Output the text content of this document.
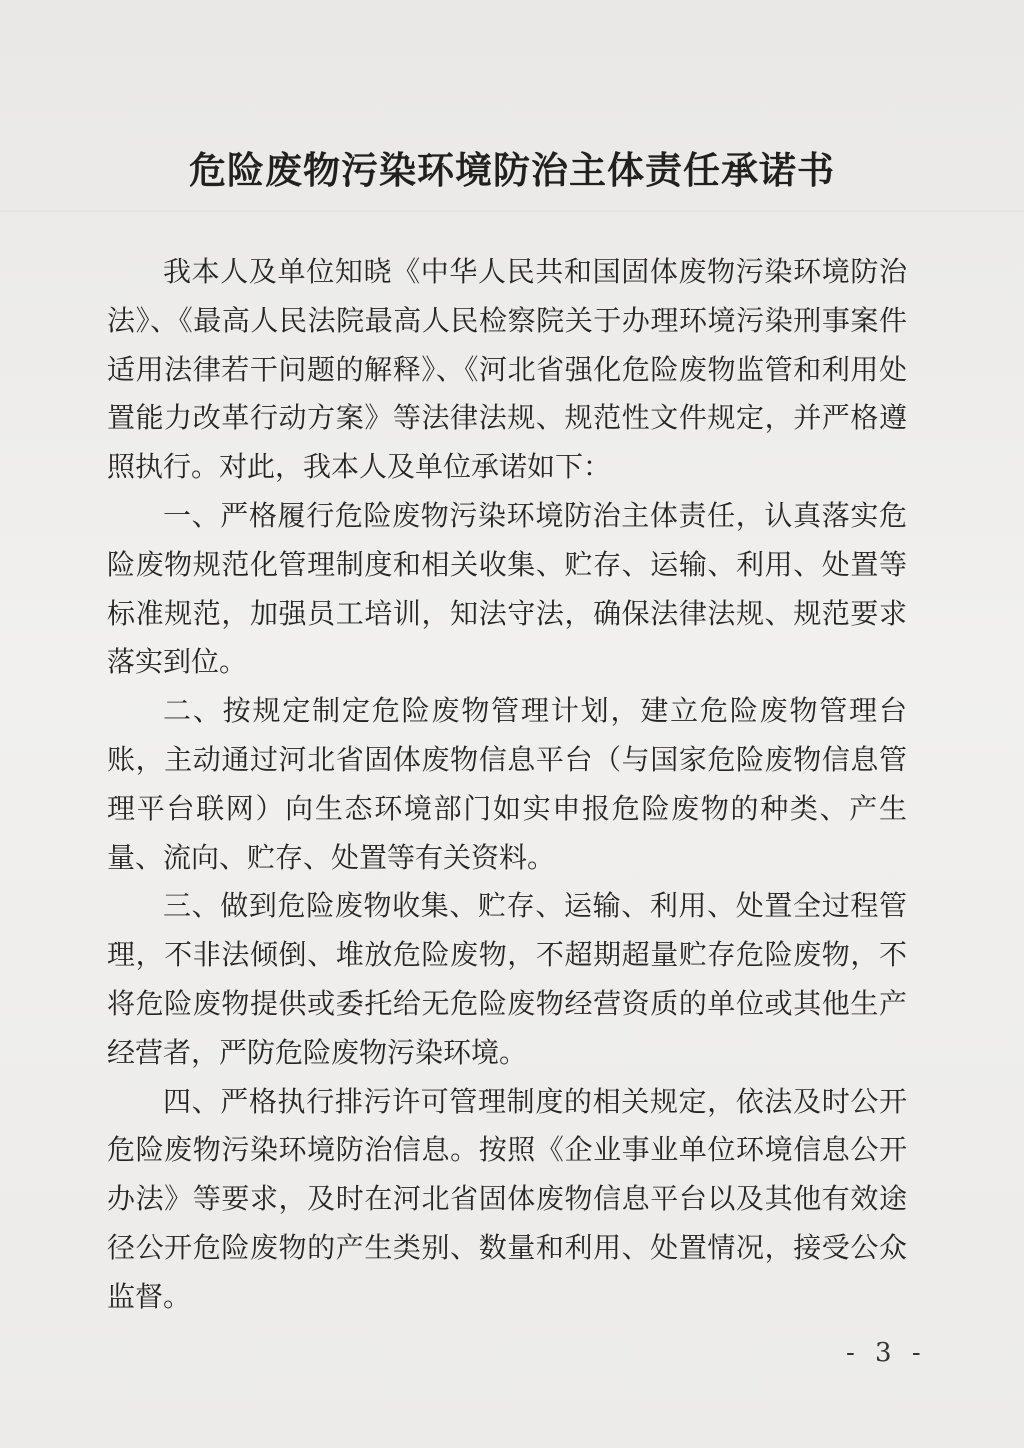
危险废物污染环境防治主体责任承诺书

我本人及单位知晓《中华人民共和国固体废物污染环境防治法》、《最高人民法院最高人民检察院关于办理环境污染刑事案件适用法律若干问题的解释》、《河北省强化危险废物监管和利用处置能力改革行动方案》等法律法规、规范性文件规定，并严格遵照执行。对此，我本人及单位承诺如下：

一、严格履行危险废物污染环境防治主体责任，认真落实危险废物规范化管理制度和相关收集、贮存、运输、利用、处置等标准规范，加强员工培训，知法守法，确保法律法规、规范要求落实到位。

二、按规定制定危险废物管理计划，建立危险废物管理台账，主动通过河北省固体废物信息平台（与国家危险废物信息管理平台联网）向生态环境部门如实申报危险废物的种类、产生量、流向、贮存、处置等有关资料。

三、做到危险废物收集、贮存、运输、利用、处置全过程管理，不非法倾倒、堆放危险废物，不超期超量贮存危险废物，不将危险废物提供或委托给无危险废物经营资质的单位或其他生产经营者，严防危险废物污染环境。

四、严格执行排污许可管理制度的相关规定，依法及时公开危险废物污染环境防治信息。按照《企业事业单位环境信息公开办法》等要求，及时在河北省固体废物信息平台以及其他有效途径公开危险废物的产生类别、数量和利用、处置情况，接受公众监督。

- 3 -
